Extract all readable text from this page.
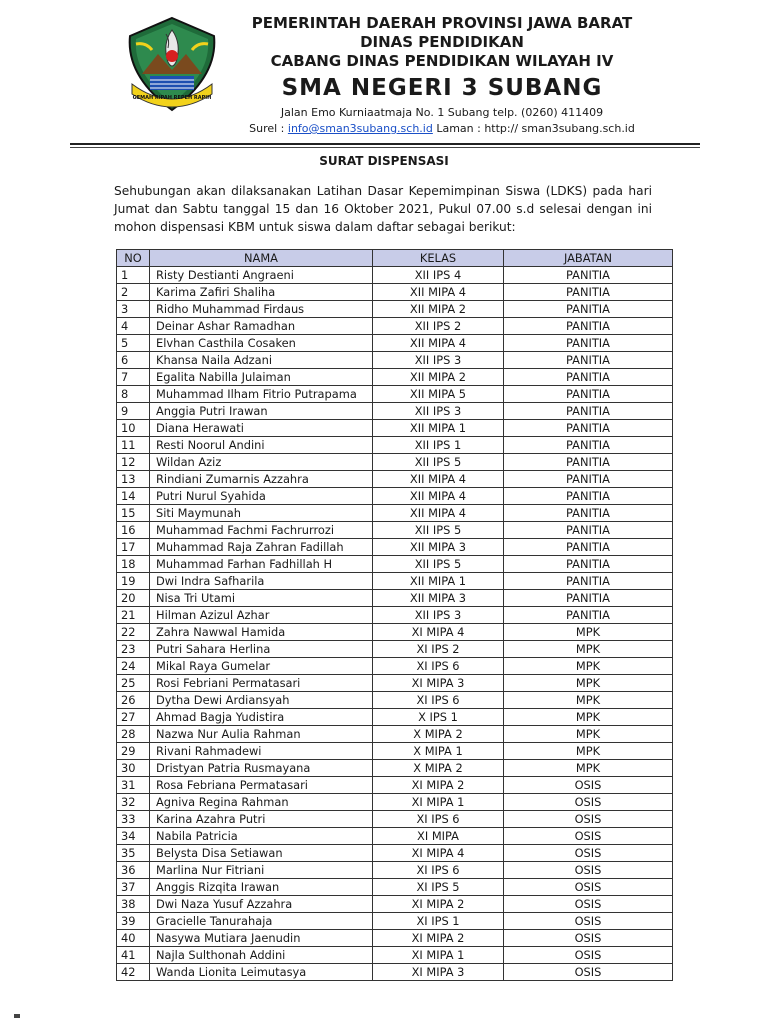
GEMAH RIPAH REPEH RAPIH
PEMERINTAH DAERAH PROVINSI JAWA BARAT
DINAS PENDIDIKAN
CABANG DINAS PENDIDIKAN WILAYAH IV
SMA NEGERI 3 SUBANG
Jalan Emo Kurniaatmaja No. 1 Subang telp. (0260) 411409
Surel : info@sman3subang.sch.id Laman : http:// sman3subang.sch.id
SURAT DISPENSASI
Sehubungan akan dilaksanakan Latihan Dasar Kepemimpinan Siswa (LDKS) pada hari Jumat dan Sabtu tanggal 15 dan 16 Oktober 2021, Pukul 07.00 s.d selesai dengan ini mohon dispensasi KBM untuk siswa dalam daftar sebagai berikut:
NO	NAMA	KELAS	JABATAN
1	Risty Destianti Angraeni	XII IPS 4	PANITIA
2	Karima Zafiri Shaliha	XII MIPA 4	PANITIA
3	Ridho Muhammad Firdaus	XII MIPA 2	PANITIA
4	Deinar Ashar Ramadhan	XII IPS 2	PANITIA
5	Elvhan Casthila Cosaken	XII MIPA 4	PANITIA
6	Khansa Naila Adzani	XII IPS 3	PANITIA
7	Egalita Nabilla Julaiman	XII MIPA 2	PANITIA
8	Muhammad Ilham Fitrio Putrapama	XII MIPA 5	PANITIA
9	Anggia Putri Irawan	XII IPS 3	PANITIA
10	Diana Herawati	XII MIPA 1	PANITIA
11	Resti Noorul Andini	XII IPS 1	PANITIA
12	Wildan Aziz	XII IPS 5	PANITIA
13	Rindiani Zumarnis Azzahra	XII MIPA 4	PANITIA
14	Putri Nurul Syahida	XII MIPA 4	PANITIA
15	Siti Maymunah	XII MIPA 4	PANITIA
16	Muhammad Fachmi Fachrurrozi	XII IPS 5	PANITIA
17	Muhammad Raja Zahran Fadillah	XII MIPA 3	PANITIA
18	Muhammad Farhan Fadhillah H	XII IPS 5	PANITIA
19	Dwi Indra Safharila	XII MIPA 1	PANITIA
20	Nisa Tri Utami	XII MIPA 3	PANITIA
21	Hilman Azizul Azhar	XII IPS 3	PANITIA
22	Zahra Nawwal Hamida	XI MIPA 4	MPK
23	Putri Sahara Herlina	XI IPS 2	MPK
24	Mikal Raya Gumelar	XI IPS 6	MPK
25	Rosi Febriani Permatasari	XI MIPA 3	MPK
26	Dytha Dewi Ardiansyah	XI IPS 6	MPK
27	Ahmad Bagja Yudistira	X IPS 1	MPK
28	Nazwa Nur Aulia Rahman	X MIPA 2	MPK
29	Rivani Rahmadewi	X MIPA 1	MPK
30	Dristyan Patria Rusmayana	X MIPA 2	MPK
31	Rosa Febriana Permatasari	XI MIPA 2	OSIS
32	Agniva Regina Rahman	XI MIPA 1	OSIS
33	Karina Azahra Putri	XI IPS 6	OSIS
34	Nabila Patricia	XI MIPA	OSIS
35	Belysta Disa Setiawan	XI MIPA 4	OSIS
36	Marlina Nur Fitriani	XI IPS 6	OSIS
37	Anggis Rizqita Irawan	XI IPS 5	OSIS
38	Dwi Naza Yusuf Azzahra	XI MIPA 2	OSIS
39	Gracielle Tanurahaja	XI IPS 1	OSIS
40	Nasywa Mutiara Jaenudin	XI MIPA 2	OSIS
41	Najla Sulthonah Addini	XI MIPA 1	OSIS
42	Wanda Lionita Leimutasya	XI MIPA 3	OSIS
